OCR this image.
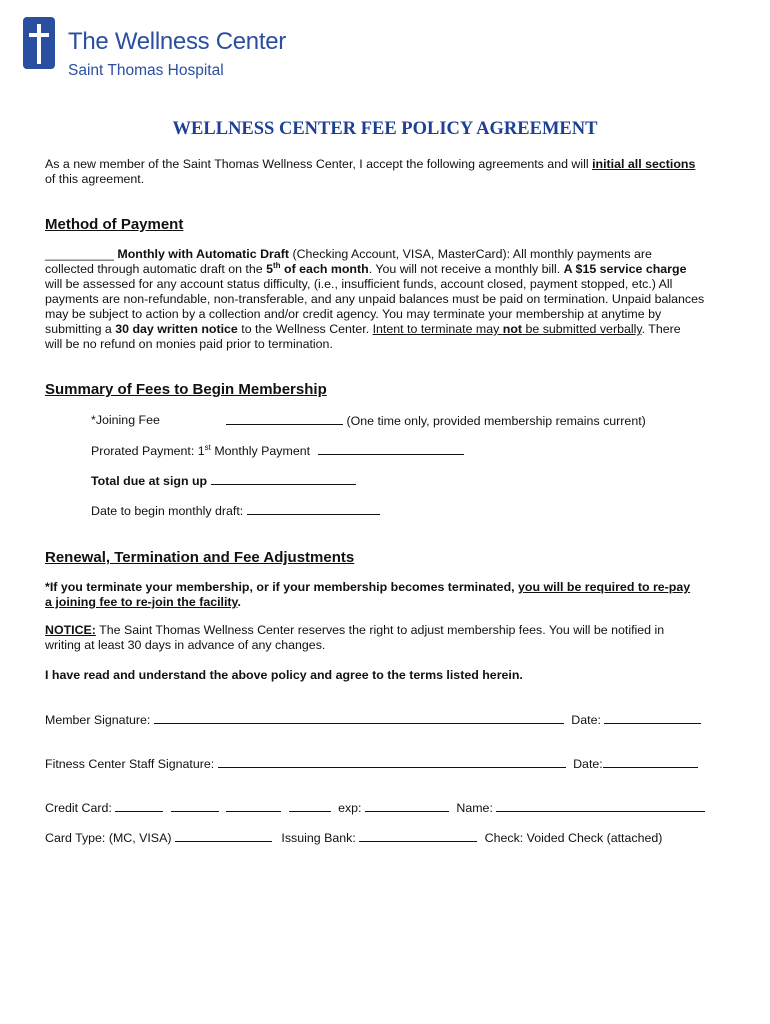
The Wellness Center
Saint Thomas Hospital
WELLNESS CENTER FEE POLICY AGREEMENT

As a new member of the Saint Thomas Wellness Center, I accept the following agreements and will initial all sections

of this agreement.

Method of Payment

__________ Monthly with Automatic Draft (Checking Account, VISA, MasterCard): All monthly payments are

collected through automatic draft on the 5th of each month. You will not receive a monthly bill. A $15 service charge

will be assessed for any account status difficulty, (i.e., insufficient funds, account closed, payment stopped, etc.) All

payments are non-refundable, non-transferable, and any unpaid balances must be paid on termination. Unpaid balances

may be subject to action by a collection and/or credit agency. You may terminate your membership at anytime by

submitting a 30 day written notice to the Wellness Center. Intent to terminate may not be submitted verbally. There

will be no refund on monies paid prior to termination.

Summary of Fees to Begin Membership
*Joining Fee	(One time only, provided membership remains current)
Prorated Payment: 1st Monthly Payment
Total due at sign up
Date to begin monthly draft:
Renewal, Termination and Fee Adjustments

*If you terminate your membership, or if your membership becomes terminated, you will be required to re-pay

a joining fee to re-join the facility.

NOTICE: The Saint Thomas Wellness Center reserves the right to adjust membership fees. You will be notified in

writing at least 30 days in advance of any changes.

I have read and understand the above policy and agree to the terms listed herein.
Member Signature:	Date:
Fitness Center Staff Signature:	Date:
Credit Card:	exp:	Name:
Card Type: (MC, VISA)	Issuing Bank:	Check: Voided Check (attached)
